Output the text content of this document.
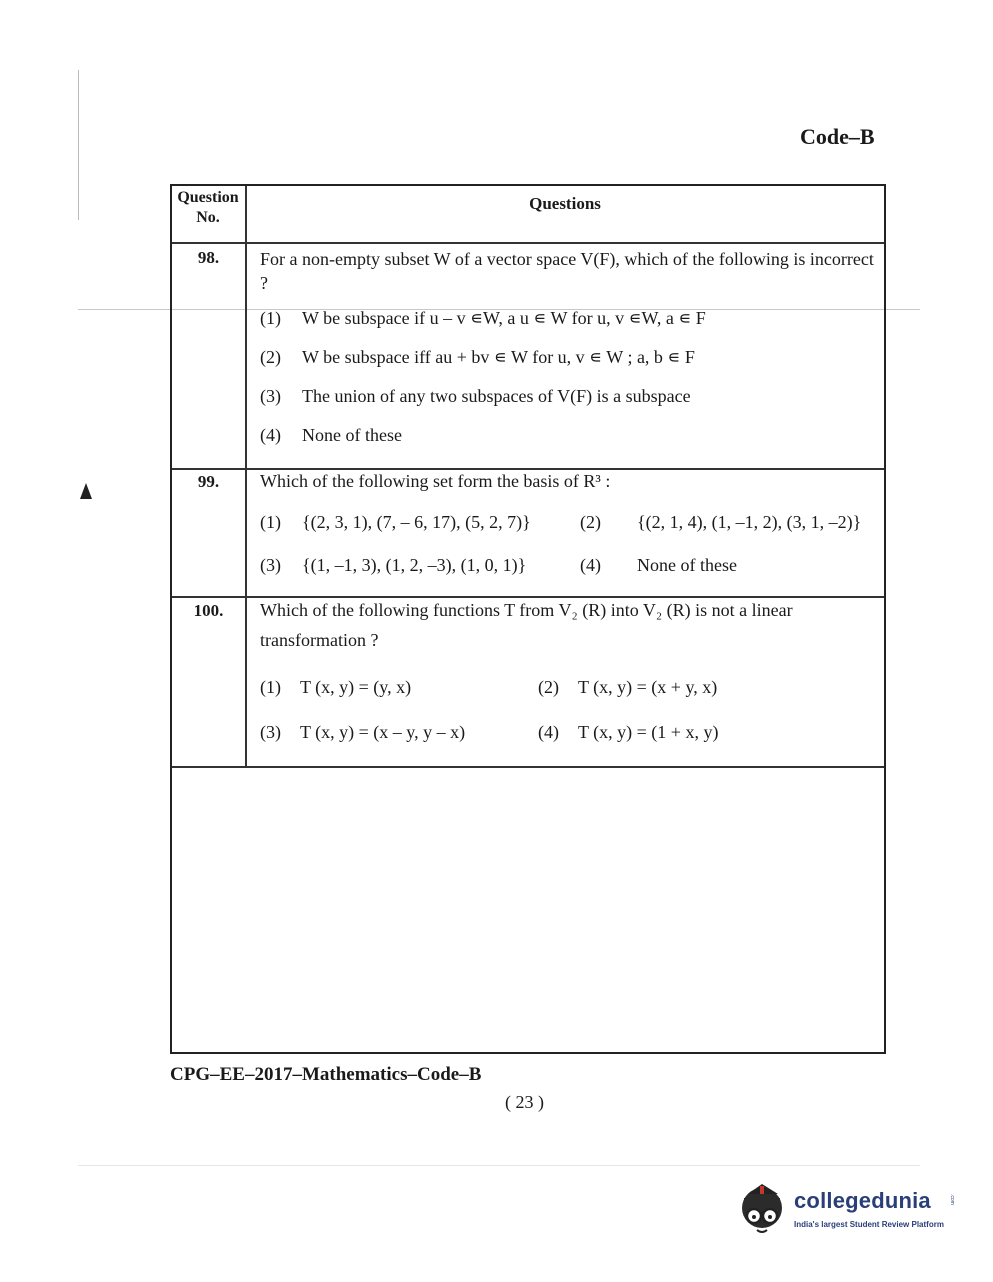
Code–B
Question No.
Questions
98.	For a non-empty subset W of a vector space V(F), which of the following is incorrect ?
(1) W be subspace if u – v ∊W, a u ∊ W for u, v ∊W, a ∊ F
(2) W be subspace iff au + bv ∊ W for u, v ∊ W ; a, b ∊ F
(3) The union of any two subspaces of V(F) is a subspace
(4) None of these
99.	Which of the following set form the basis of R³ :
(1) {(2, 3, 1), (7, – 6, 17), (5, 2, 7)}	(2) {(2, 1, 4), (1, –1, 2), (3, 1, –2)}
(3) {(1, –1, 3), (1, 2, –3), (1, 0, 1)}	(4) None of these
100.	Which of the following functions T from V₂ (R) into V₂ (R) is not a linear
transformation ?
(1) T (x, y) = (y, x)	(2) T (x, y) = (x + y, x)
(3) T (x, y) = (x – y, y – x)	(4) T (x, y) = (1 + x, y)
CPG–EE–2017–Mathematics–Code–B
( 23 )
collegedunia	.com
India's largest Student Review Platform
